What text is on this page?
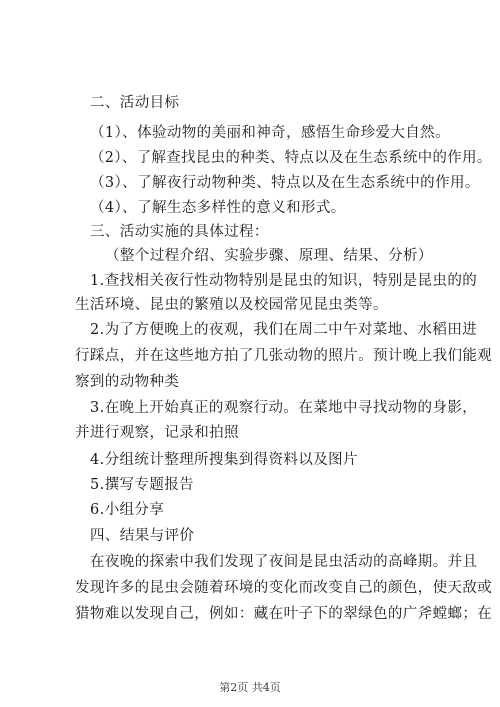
二、活动目标
（1）、体验动物的美丽和神奇，感悟生命珍爱大自然。
（2）、了解查找昆虫的种类、特点以及在生态系统中的作用。
（3）、了解夜行动物种类、特点以及在生态系统中的作用。
（4）、了解生态多样性的意义和形式。
三、活动实施的具体过程：
（整个过程介绍、实验步骤、原理、结果、分析）
1.查找相关夜行性动物特别是昆虫的知识，特别是昆虫的的
生活环境、昆虫的繁殖以及校园常见昆虫类等。
2.为了方便晚上的夜观，我们在周二中午对菜地、水稻田进
行踩点，并在这些地方拍了几张动物的照片。预计晚上我们能观
察到的动物种类
3.在晚上开始真正的观察行动。在菜地中寻找动物的身影，
并进行观察，记录和拍照
4.分组统计整理所搜集到得资料以及图片
5.撰写专题报告
6.小组分享
四、结果与评价
在夜晚的探索中我们发现了夜间是昆虫活动的高峰期。并且
发现许多的昆虫会随着环境的变化而改变自己的颜色，使天敌或
猎物难以发现自己，例如：藏在叶子下的翠绿色的广斧螳螂；在
第2页 共4页
